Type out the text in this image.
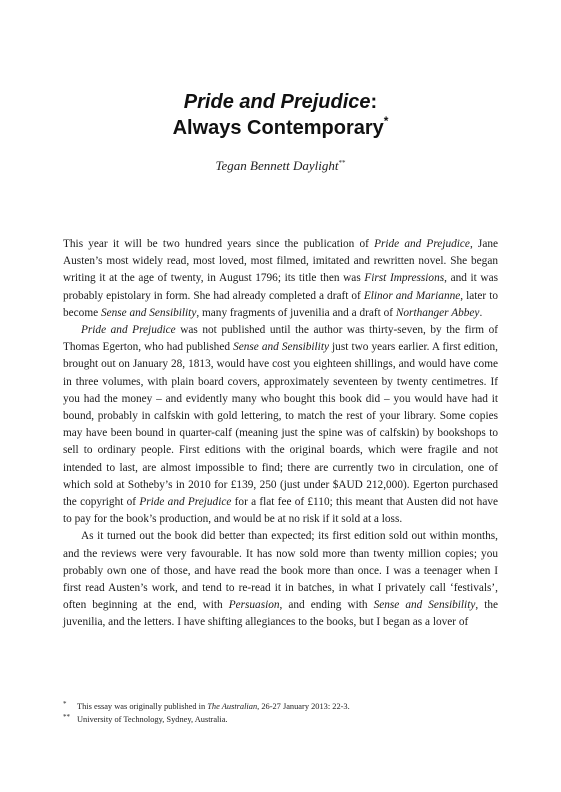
Pride and Prejudice:
Always Contemporary*
Tegan Bennett Daylight**

This year it will be two hundred years since the publication of Pride and Prejudice, Jane Austen’s most widely read, most loved, most filmed, imitated and rewritten novel. She began writing it at the age of twenty, in August 1796; its title then was First Impressions, and it was probably epistolary in form. She had already completed a draft of Elinor and Marianne, later to become Sense and Sensibility, many fragments of juvenilia and a draft of Northanger Abbey.

Pride and Prejudice was not published until the author was thirty-seven, by the firm of Thomas Egerton, who had published Sense and Sensibility just two years earlier. A first edition, brought out on January 28, 1813, would have cost you eighteen shillings, and would have come in three volumes, with plain board covers, approximately seventeen by twenty centimetres. If you had the money – and evidently many who bought this book did – you would have had it bound, probably in calfskin with gold lettering, to match the rest of your library. Some copies may have been bound in quarter-calf (meaning just the spine was of calfskin) by bookshops to sell to ordinary people. First editions with the original boards, which were fragile and not intended to last, are almost impossible to find; there are currently two in circulation, one of which sold at Sotheby’s in 2010 for £139, 250 (just under $AUD 212,000). Egerton purchased the copyright of Pride and Prejudice for a flat fee of £110; this meant that Austen did not have to pay for the book’s production, and would be at no risk if it sold at a loss.

As it turned out the book did better than expected; its first edition sold out within months, and the reviews were very favourable. It has now sold more than twenty million copies; you probably own one of those, and have read the book more than once. I was a teenager when I first read Austen’s work, and tend to re-read it in batches, in what I privately call ‘festivals’, often beginning at the end, with Persuasion, and ending with Sense and Sensibility, the juvenilia, and the letters. I have shifting allegiances to the books, but I began as a lover of

* This essay was originally published in The Australian, 26-27 January 2013: 22-3.
** University of Technology, Sydney, Australia.
